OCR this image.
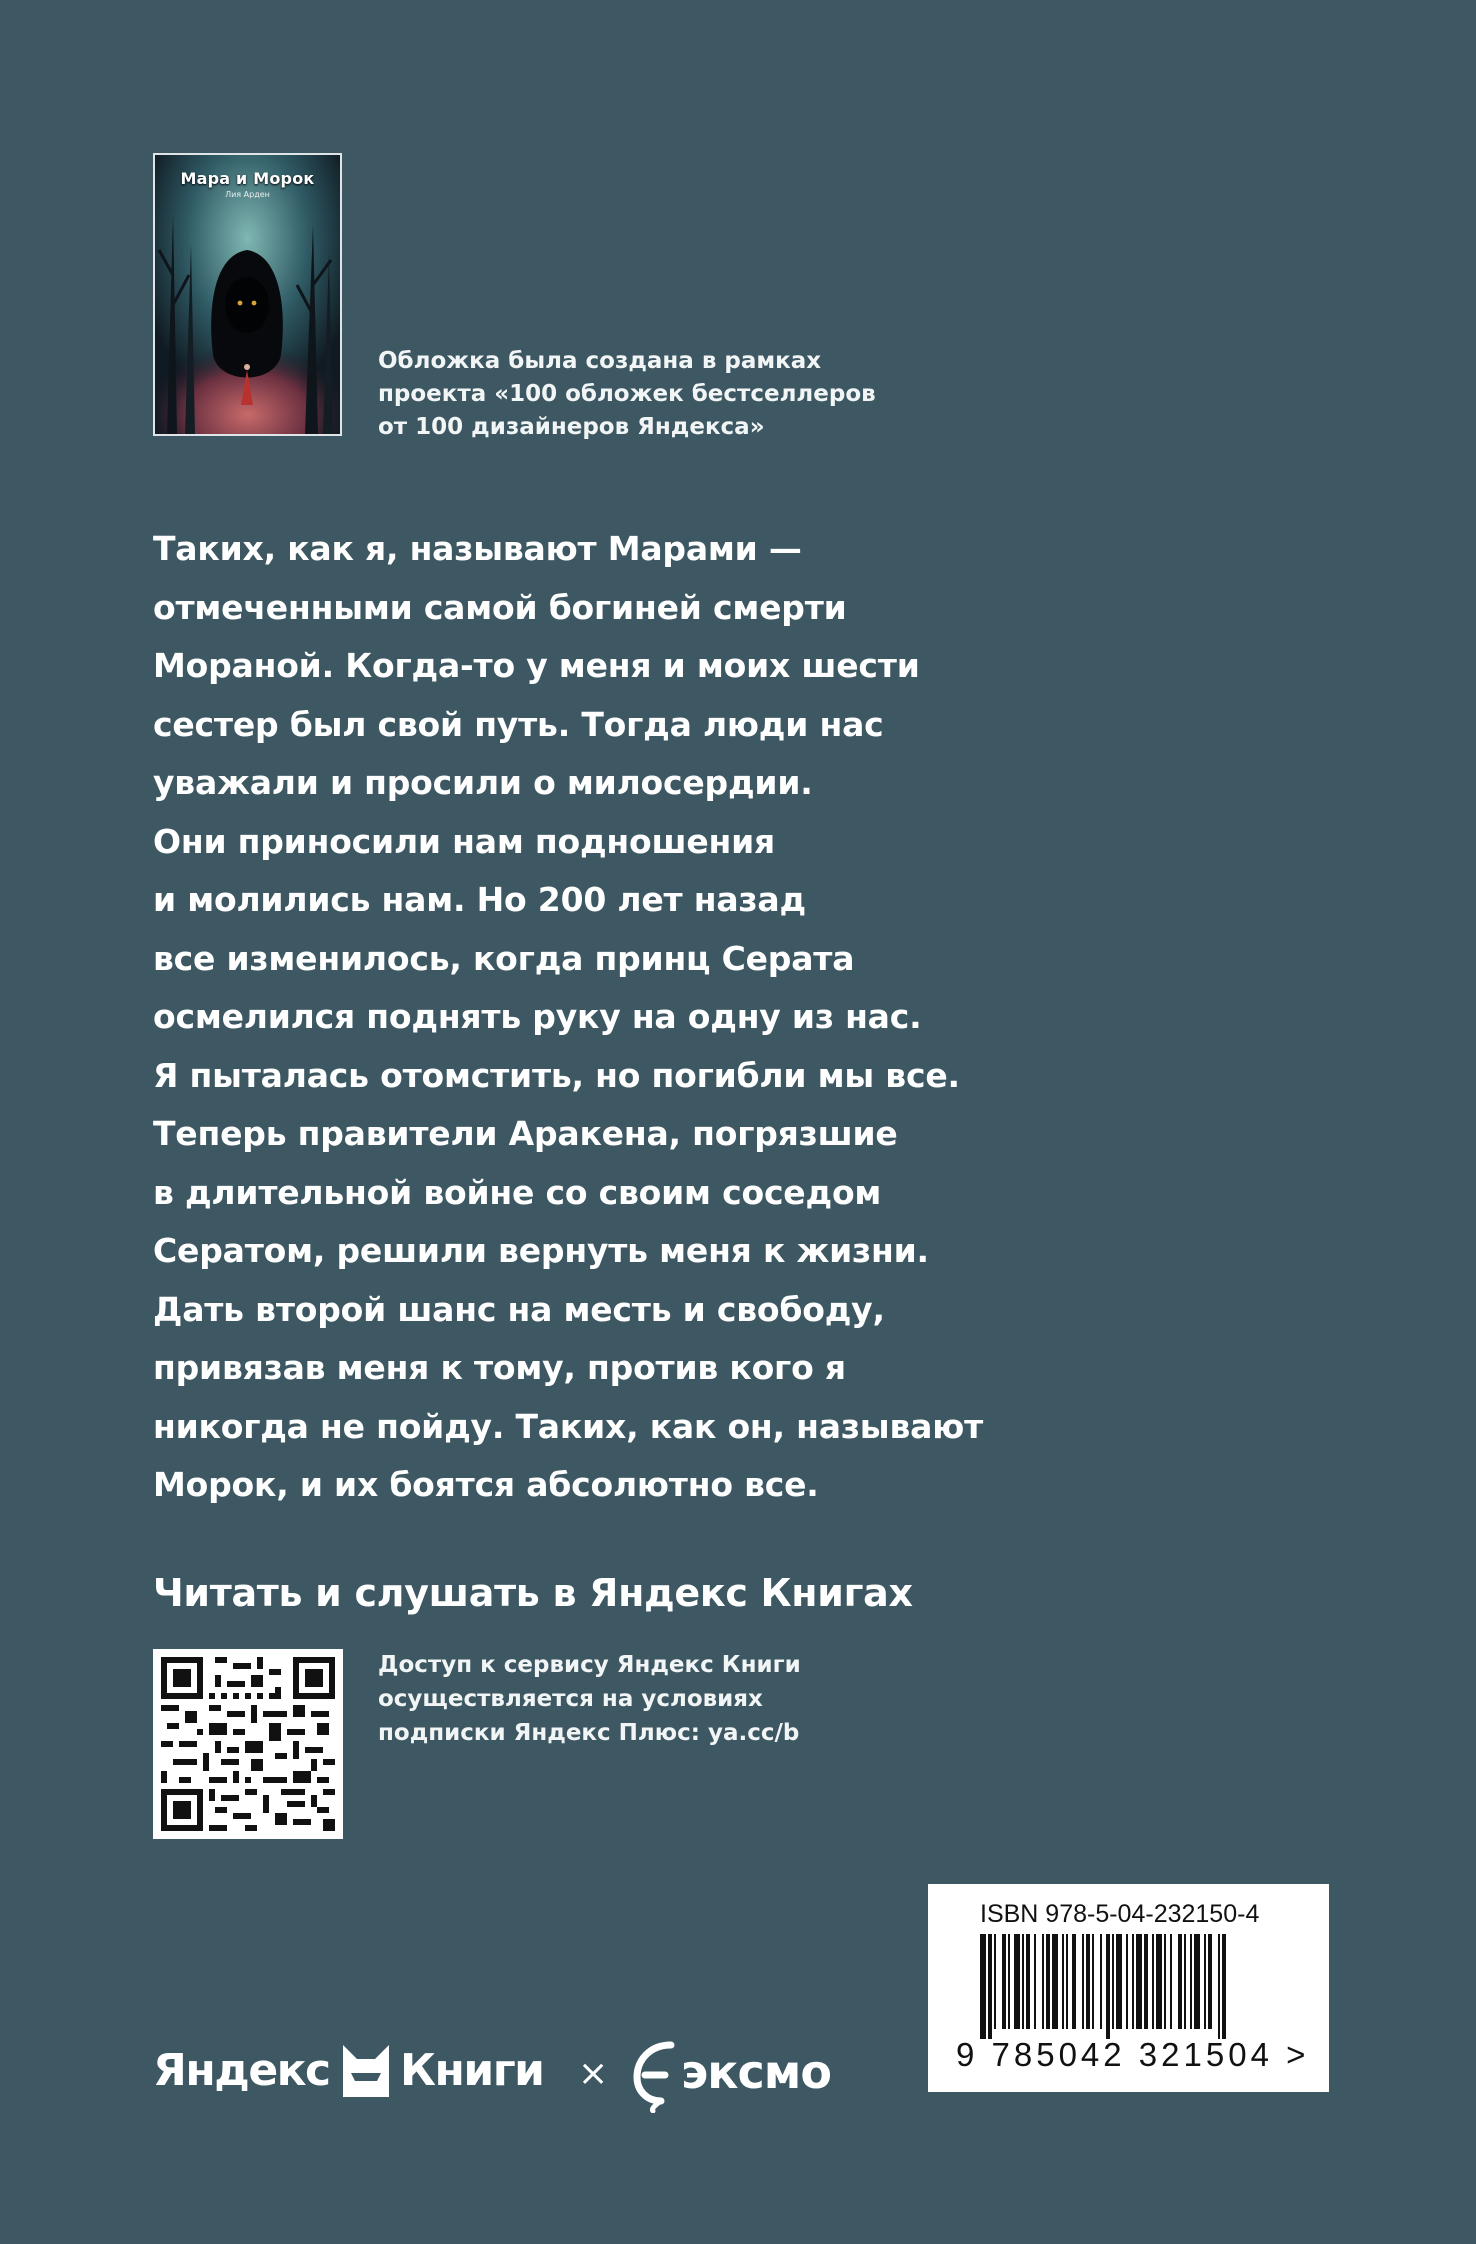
Мара и Морок
Лия Арден
Обложка была создана в рамках
проекта «100 обложек бестселлеров
от 100 дизайнеров Яндекса»
Таких, как я, называют Марами —
отмеченными самой богиней смерти
Мораной. Когда-то у меня и моих шести
сестер был свой путь. Тогда люди нас
уважали и просили о милосердии.
Они приносили нам подношения
и молились нам. Но 200 лет назад
все изменилось, когда принц Серата
осмелился поднять руку на одну из нас.
Я пыталась отомстить, но погибли мы все.
Теперь правители Аракена, погрязшие
в длительной войне со своим соседом
Сератом, решили вернуть меня к жизни.
Дать второй шанс на месть и свободу,
привязав меня к тому, против кого я
никогда не пойду. Таких, как он, называют
Морок, и их боятся абсолютно все.
Читать и слушать в Яндекс Книгах
Доступ к сервису Яндекс Книги
осуществляется на условиях
подписки Яндекс Плюс: ya.cc/b
Яндекс Книги × эксмо
ISBN 978-5-04-232150-4
9 785042 321504 >
